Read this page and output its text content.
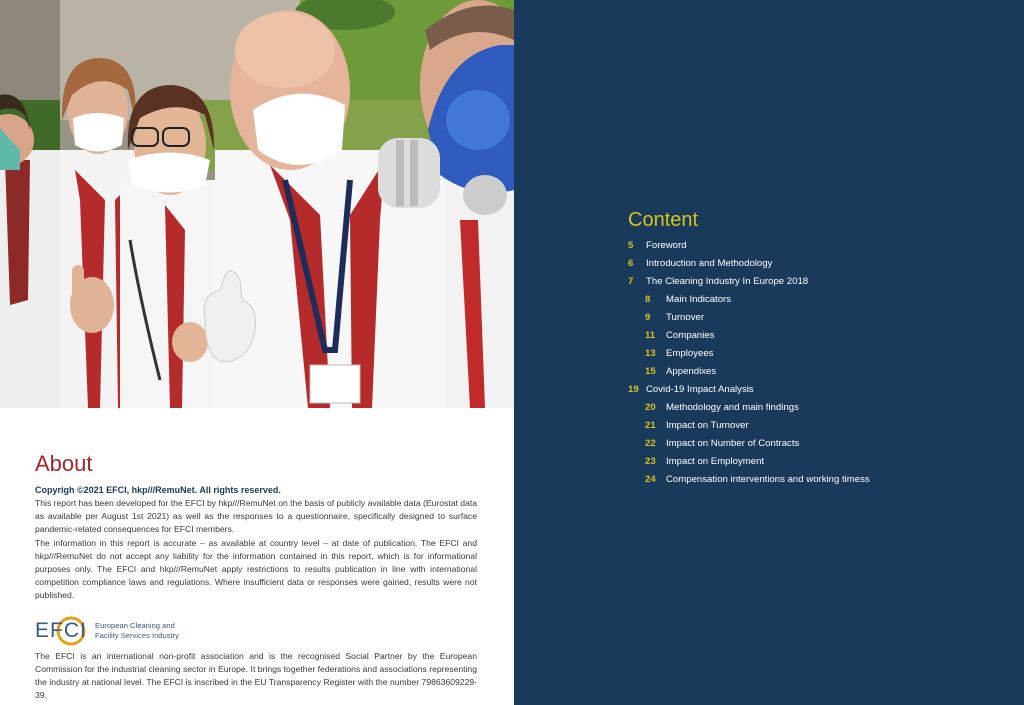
About
Copyrigh ©2021 EFCI, hkp///RemuNet. All rights reserved.

This report has been developed for the EFCI by hkp///RemuNet on the basis of publicly available data (Eurostat data as available per August 1st 2021) as well as the responses to a questionnaire, specifically designed to surface pandemic-related consequences for EFCI members.

The information in this report is accurate – as available at country level – at date of publication. The EFCI and hkp///RemuNet do not accept any liability for the information contained in this report, which is for informational purposes only. The EFCI and hkp///RemuNet apply restrictions to results publication in line with international competition compliance laws and regulations. Where insufficient data or responses were gained, results were not published.

EFCI European Cleaning and
Facility Services Industry

The EFCI is an international non-profit association and is the recognised Social Partner by the European Commission for the industrial cleaning sector in Europe. It brings together federations and associations representing the industry at national level. The EFCI is inscribed in the EU Transparency Register with the number 79863609229-39.

Content
5 Foreword
6 Introduction and Methodology
7 The Cleaning Industry In Europe 2018
8 Main Indicators
9 Turnover
11 Companies
13 Employees
15 Appendixes
19 Covid-19 Impact Analysis
20 Methodology and main findings
21 Impact on Turnover
22 Impact on Number of Contracts
23 Impact on Employment
24 Compensation interventions and working timess
